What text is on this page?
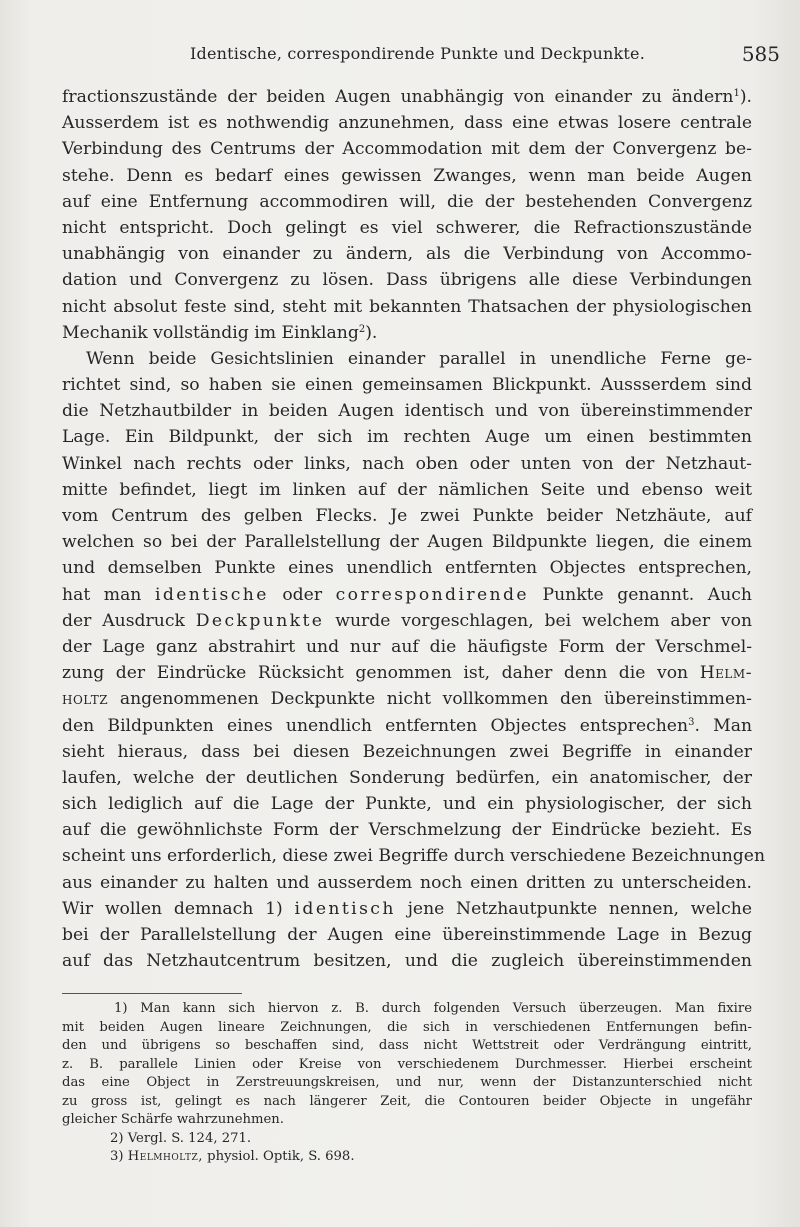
Identische, correspondirende Punkte und Deckpunkte.	585
fractionszustände der beiden Augen unabhängig von einander zu ändern$^1$).
Ausserdem ist es nothwendig anzunehmen, dass eine etwas losere centrale
Verbindung des Centrums der Accommodation mit dem der Convergenz be-
stehe. Denn es bedarf eines gewissen Zwanges, wenn man beide Augen
auf eine Entfernung accommodiren will, die der bestehenden Convergenz
nicht entspricht. Doch gelingt es viel schwerer, die Refractionszustände
unabhängig von einander zu ändern, als die Verbindung von Accommo-
dation und Convergenz zu lösen. Dass übrigens alle diese Verbindungen
nicht absolut feste sind, steht mit bekannten Thatsachen der physiologischen
Mechanik vollständig im Einklang$^2$).
Wenn beide Gesichtslinien einander parallel in unendliche Ferne ge-
richtet sind, so haben sie einen gemeinsamen Blickpunkt. Aussserdem sind
die Netzhautbilder in beiden Augen identisch und von übereinstimmender
Lage. Ein Bildpunkt, der sich im rechten Auge um einen bestimmten
Winkel nach rechts oder links, nach oben oder unten von der Netzhaut-
mitte befindet, liegt im linken auf der nämlichen Seite und ebenso weit
vom Centrum des gelben Flecks. Je zwei Punkte beider Netzhäute, auf
welchen so bei der Parallelstellung der Augen Bildpunkte liegen, die einem
und demselben Punkte eines unendlich entfernten Objectes entsprechen,
hat man identische oder correspondirende Punkte genannt. Auch
der Ausdruck Deckpunkte wurde vorgeschlagen, bei welchem aber von
der Lage ganz abstrahirt und nur auf die häufigste Form der Verschmel-
zung der Eindrücke Rücksicht genommen ist, daher denn die von Helm-
holtz angenommenen Deckpunkte nicht vollkommen den übereinstimmen-
den Bildpunkten eines unendlich entfernten Objectes entsprechen$^3$. Man
sieht hieraus, dass bei diesen Bezeichnungen zwei Begriffe in einander
laufen, welche der deutlichen Sonderung bedürfen, ein anatomischer, der
sich lediglich auf die Lage der Punkte, und ein physiologischer, der sich
auf die gewöhnlichste Form der Verschmelzung der Eindrücke bezieht. Es
scheint uns erforderlich, diese zwei Begriffe durch verschiedene Bezeichnungen
aus einander zu halten und ausserdem noch einen dritten zu unterscheiden.
Wir wollen demnach 1) identisch jene Netzhautpunkte nennen, welche
bei der Parallelstellung der Augen eine übereinstimmende Lage in Bezug
auf das Netzhautcentrum besitzen, und die zugleich übereinstimmenden
1) Man kann sich hiervon z. B. durch folgenden Versuch überzeugen. Man fixire
mit beiden Augen lineare Zeichnungen, die sich in verschiedenen Entfernungen befin-
den und übrigens so beschaffen sind, dass nicht Wettstreit oder Verdrängung eintritt,
z. B. parallele Linien oder Kreise von verschiedenem Durchmesser. Hierbei erscheint
das eine Object in Zerstreuungskreisen, und nur, wenn der Distanzunterschied nicht
zu gross ist, gelingt es nach längerer Zeit, die Contouren beider Objecte in ungefähr
gleicher Schärfe wahrzunehmen.
2) Vergl. S. 124, 271.
3) Helmholtz, physiol. Optik, S. 698.
